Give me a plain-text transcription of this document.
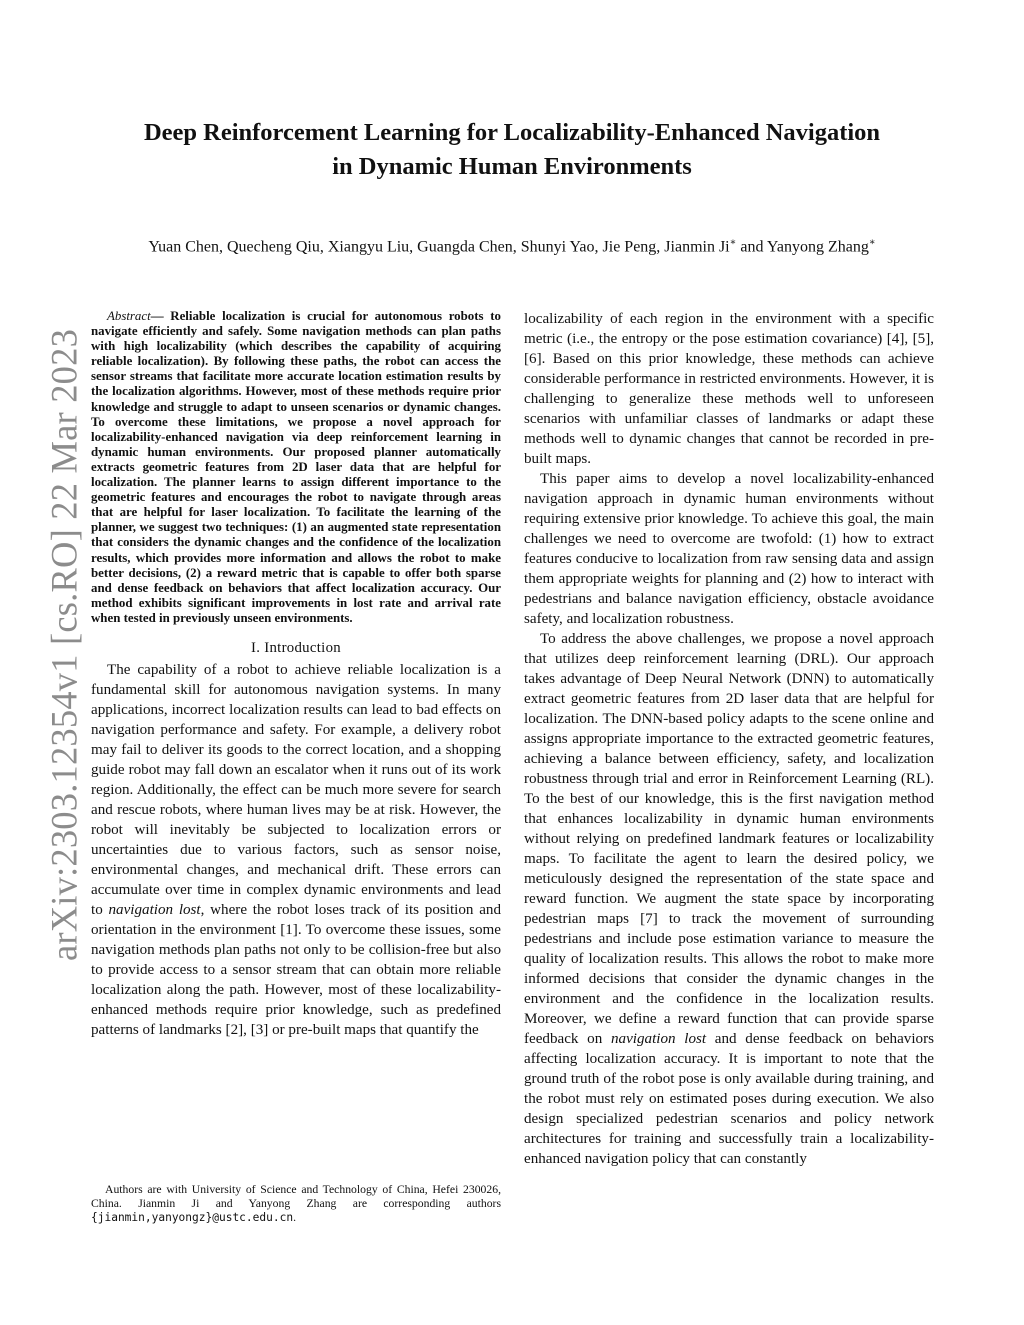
Deep Reinforcement Learning for Localizability-Enhanced Navigation
in Dynamic Human Environments
Yuan Chen, Quecheng Qiu, Xiangyu Liu, Guangda Chen, Shunyi Yao, Jie Peng, Jianmin Ji∗ and Yanyong Zhang∗
arXiv:2303.12354v1 [cs.RO] 22 Mar 2023

Abstract— Reliable localization is crucial for autonomous robots to navigate efficiently and safely. Some navigation methods can plan paths with high localizability (which describes the capability of acquiring reliable localization). By following these paths, the robot can access the sensor streams that facilitate more accurate location estimation results by the localization algorithms. However, most of these methods require prior knowledge and struggle to adapt to unseen scenarios or dynamic changes. To overcome these limitations, we propose a novel approach for localizability-enhanced navigation via deep reinforcement learning in dynamic human environments. Our proposed planner automatically extracts geometric features from 2D laser data that are helpful for localization. The planner learns to assign different importance to the geometric features and encourages the robot to navigate through areas that are helpful for laser localization. To facilitate the learning of the planner, we suggest two techniques: (1) an augmented state representation that considers the dynamic changes and the confidence of the localization results, which provides more information and allows the robot to make better decisions, (2) a reward metric that is capable to offer both sparse and dense feedback on behaviors that affect localization accuracy. Our method exhibits significant improvements in lost rate and arrival rate when tested in previously unseen environments.

I. Introduction

The capability of a robot to achieve reliable localization is a fundamental skill for autonomous navigation systems. In many applications, incorrect localization results can lead to bad effects on navigation performance and safety. For example, a delivery robot may fail to deliver its goods to the correct location, and a shopping guide robot may fall down an escalator when it runs out of its work region. Additionally, the effect can be much more severe for search and rescue robots, where human lives may be at risk. However, the robot will inevitably be subjected to localization errors or uncertainties due to various factors, such as sensor noise, environmental changes, and mechanical drift. These errors can accumulate over time in complex dynamic environments and lead to navigation lost, where the robot loses track of its position and orientation in the environment [1]. To overcome these issues, some navigation methods plan paths not only to be collision-free but also to provide access to a sensor stream that can obtain more reliable localization along the path. However, most of these localizability-enhanced methods require prior knowledge, such as predefined patterns of landmarks [2], [3] or pre-built maps that quantify the

Authors are with University of Science and Technology of China, Hefei 230026, China. Jianmin Ji and Yanyong Zhang are corresponding authors {jianmin,yanyongz}@ustc.edu.cn.

localizability of each region in the environment with a specific metric (i.e., the entropy or the pose estimation covariance) [4], [5], [6]. Based on this prior knowledge, these methods can achieve considerable performance in restricted environments. However, it is challenging to generalize these methods well to unforeseen scenarios with unfamiliar classes of landmarks or adapt these methods well to dynamic changes that cannot be recorded in pre-built maps.

This paper aims to develop a novel localizability-enhanced navigation approach in dynamic human environments without requiring extensive prior knowledge. To achieve this goal, the main challenges we need to overcome are twofold: (1) how to extract features conducive to localization from raw sensing data and assign them appropriate weights for planning and (2) how to interact with pedestrians and balance navigation efficiency, obstacle avoidance safety, and localization robustness.

To address the above challenges, we propose a novel approach that utilizes deep reinforcement learning (DRL). Our approach takes advantage of Deep Neural Network (DNN) to automatically extract geometric features from 2D laser data that are helpful for localization. The DNN-based policy adapts to the scene online and assigns appropriate importance to the extracted geometric features, achieving a balance between efficiency, safety, and localization robustness through trial and error in Reinforcement Learning (RL). To the best of our knowledge, this is the first navigation method that enhances localizability in dynamic human environments without relying on predefined landmark features or localizability maps. To facilitate the agent to learn the desired policy, we meticulously designed the representation of the state space and reward function. We augment the state space by incorporating pedestrian maps [7] to track the movement of surrounding pedestrians and include pose estimation variance to measure the quality of localization results. This allows the robot to make more informed decisions that consider the dynamic changes in the environment and the confidence in the localization results. Moreover, we define a reward function that can provide sparse feedback on navigation lost and dense feedback on behaviors affecting localization accuracy. It is important to note that the ground truth of the robot pose is only available during training, and the robot must rely on estimated poses during execution. We also design specialized pedestrian scenarios and policy network architectures for training and successfully train a localizability-enhanced navigation policy that can constantly
